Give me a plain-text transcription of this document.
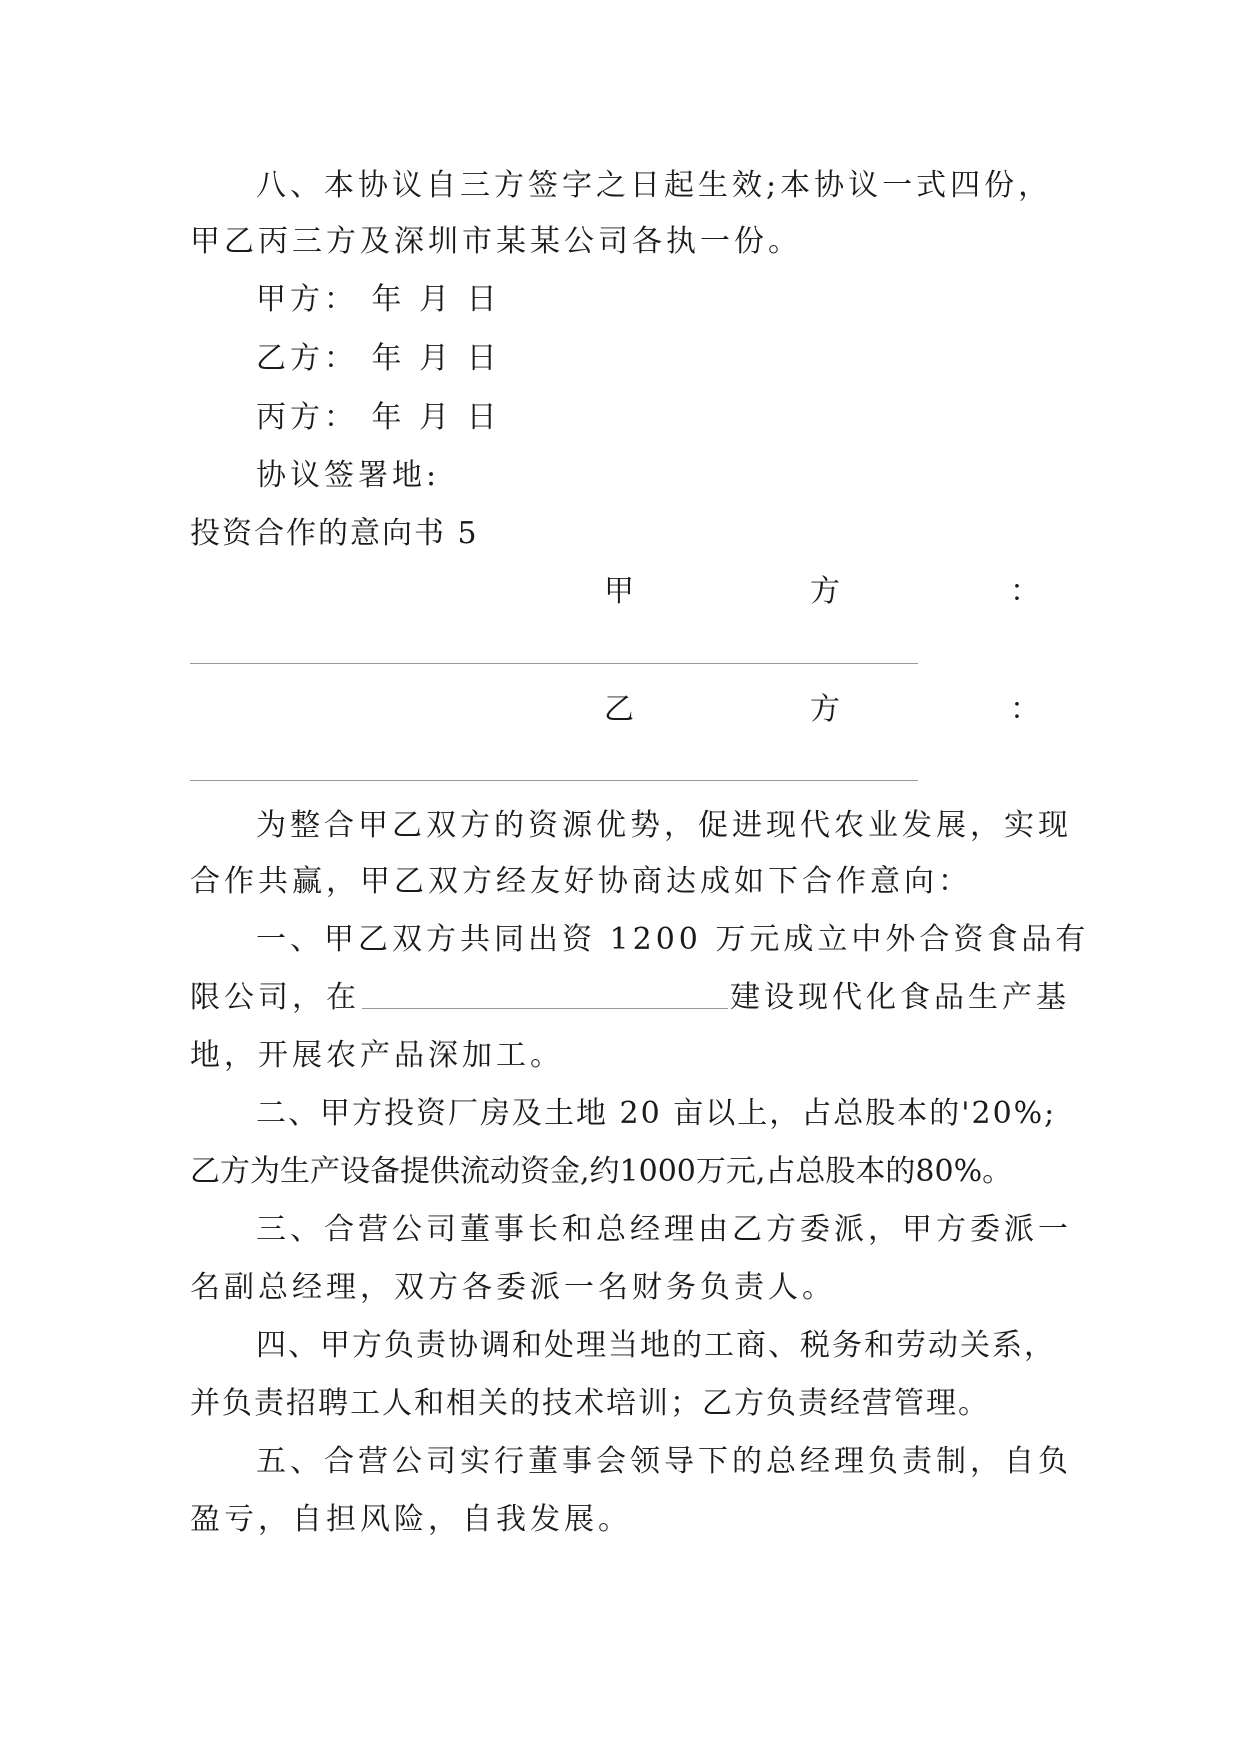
八、本协议自三方签字之日起生效;本协议一式四份，
甲乙丙三方及深圳市某某公司各执一份。
甲方： 年 月 日
乙方： 年 月 日
丙方： 年 月 日
协议签署地:
投资合作的意向书 5
甲	方	：
乙	方	：
为整合甲乙双方的资源优势，促进现代农业发展，实现
合作共赢，甲乙双方经友好协商达成如下合作意向：
一、甲乙双方共同出资 1200 万元成立中外合资食品有
限公司，在	建设现代化食品生产基
地，开展农产品深加工。
二、甲方投资厂房及土地 20 亩以上，占总股本的'20%;
乙方为生产设备提供流动资金,约1000万元,占总股本的80%。
三、合营公司董事长和总经理由乙方委派，甲方委派一
名副总经理，双方各委派一名财务负责人。
四、甲方负责协调和处理当地的工商、税务和劳动关系，
并负责招聘工人和相关的技术培训；乙方负责经营管理。
五、合营公司实行董事会领导下的总经理负责制，自负
盈亏，自担风险，自我发展。
